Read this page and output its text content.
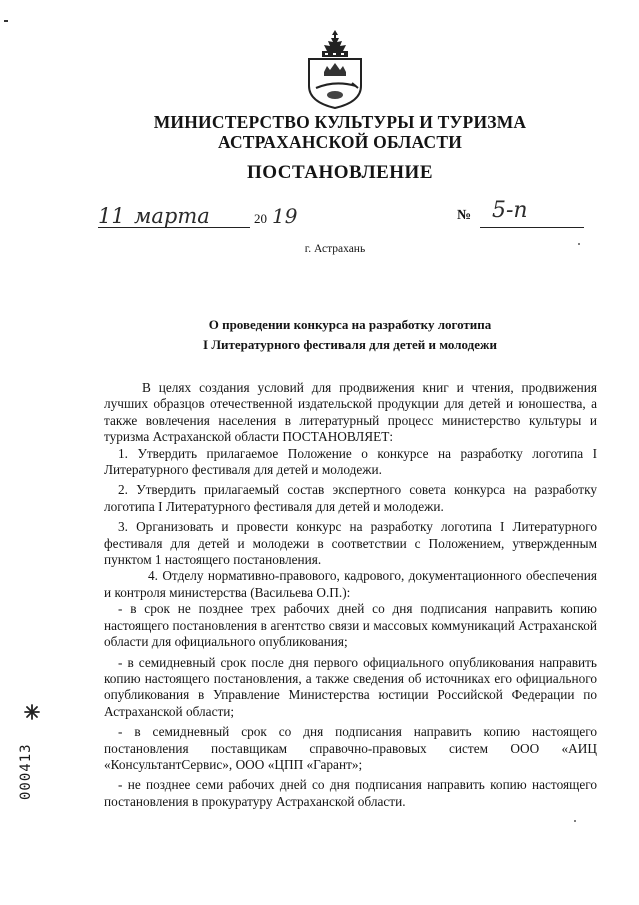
МИНИСТЕРСТВО КУЛЬТУРЫ И ТУРИЗМА
АСТРАХАНСКОЙ ОБЛАСТИ
ПОСТАНОВЛЕНИЕ
11 марта	20 19	№ 5-п
г. Астрахань
О проведении конкурса на разработку логотипа
I Литературного фестиваля для детей и молодежи

В целях создания условий для продвижения книг и чтения, продвижения лучших образцов отечественной издательской продукции для детей и юношества, а также вовлечения населения в литературный процесс министерство культуры и туризма Астраханской области ПОСТАНОВЛЯЕТ:

1. Утвердить прилагаемое Положение о конкурсе на разработку логотипа I Литературного фестиваля для детей и молодежи.

2. Утвердить прилагаемый состав экспертного совета конкурса на разработку логотипа I Литературного фестиваля для детей и молодежи.

3. Организовать и провести конкурс на разработку логотипа I Литературного фестиваля для детей и молодежи в соответствии с Положением, утвержденным пунктом 1 настоящего постановления.

4. Отделу нормативно-правового, кадрового, документационного обеспечения и контроля министерства (Васильева О.П.):

- в срок не позднее трех рабочих дней со дня подписания направить копию настоящего постановления в агентство связи и массовых коммуникаций Астраханской области для официального опубликования;

- в семидневный срок после дня первого официального опубликования направить копию настоящего постановления, а также сведения об источниках его официального опубликования в Управление Министерства юстиции Российской Федерации по Астраханской области;

- в семидневный срок со дня подписания направить копию настоящего постановления поставщикам справочно-правовых систем ООО «АИЦ «КонсультантСервис», ООО «ЦПП «Гарант»;

- не позднее семи рабочих дней со дня подписания направить копию настоящего постановления в прокуратуру Астраханской области.

000413
